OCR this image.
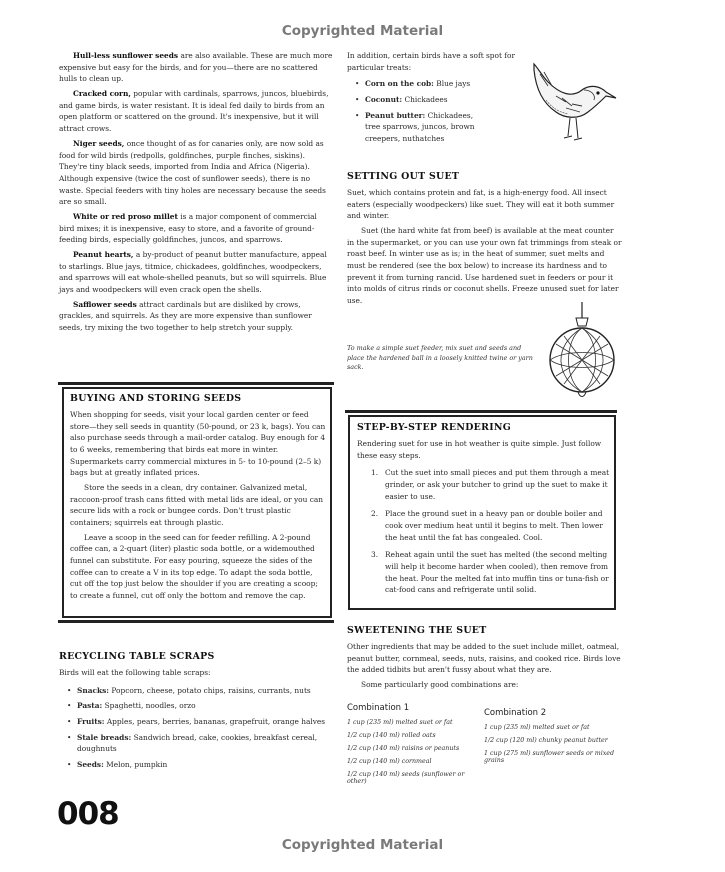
Copyrighted Material

Hull-less sunflower seeds are also available. These are much more expensive but easy for the birds, and for you—there are no scattered hulls to clean up.

Cracked corn, popular with cardinals, sparrows, juncos, bluebirds, and game birds, is water resistant. It is ideal fed daily to birds from an open platform or scattered on the ground. It's inexpensive, but it will attract crows.

Niger seeds, once thought of as for canaries only, are now sold as food for wild birds (redpolls, goldfinches, purple finches, siskins). They're tiny black seeds, imported from India and Africa (Nigeria). Although expensive (twice the cost of sunflower seeds), there is no waste. Special feeders with tiny holes are necessary because the seeds are so small.

White or red proso millet is a major component of commercial bird mixes; it is inexpensive, easy to store, and a favorite of ground-feeding birds, especially goldfinches, juncos, and sparrows.

Peanut hearts, a by-product of peanut butter manufacture, appeal to starlings. Blue jays, titmice, chickadees, goldfinches, woodpeckers, and sparrows will eat whole-shelled peanuts, but so will squirrels. Blue jays and woodpeckers will even crack open the shells.

Safflower seeds attract cardinals but are disliked by crows, grackles, and squirrels. As they are more expensive than sunflower seeds, try mixing the two together to help stretch your supply.

BUYING AND STORING SEEDS

When shopping for seeds, visit your local garden center or feed store—they sell seeds in quantity (50-pound, or 23 k, bags). You can also purchase seeds through a mail-order catalog. Buy enough for 4 to 6 weeks, remembering that birds eat more in winter. Supermarkets carry commercial mixtures in 5- to 10-pound (2–5 k) bags but at greatly inflated prices.

Store the seeds in a clean, dry container. Galvanized metal, raccoon-proof trash cans fitted with metal lids are ideal, or you can secure lids with a rock or bungee cords. Don't trust plastic containers; squirrels eat through plastic.

Leave a scoop in the seed can for feeder refilling. A 2-pound coffee can, a 2-quart (liter) plastic soda bottle, or a widemouthed funnel can substitute. For easy pouring, squeeze the sides of the coffee can to create a V in its top edge. To adapt the soda bottle, cut off the top just below the shoulder if you are creating a scoop; to create a funnel, cut off only the bottom and remove the cap.

RECYCLING TABLE SCRAPS
Birds will eat the following table scraps:
• Snacks: Popcorn, cheese, potato chips, raisins, currants, nuts
• Pasta: Spaghetti, noodles, orzo
• Fruits: Apples, pears, berries, bananas, grapefruit, orange halves
• Stale breads: Sandwich bread, cake, cookies, breakfast cereal, doughnuts
• Seeds: Melon, pumpkin
In addition, certain birds have a soft spot for particular treats:
• Corn on the cob: Blue jays
• Coconut: Chickadees
• Peanut butter: Chickadees, tree sparrows, juncos, brown creepers, nuthatches
SETTING OUT SUET

Suet, which contains protein and fat, is a high-energy food. All insect eaters (especially woodpeckers) like suet. They will eat it both summer and winter.

Suet (the hard white fat from beef) is available at the meat counter in the supermarket, or you can use your own fat trimmings from steak or roast beef. In winter use as is; in the heat of summer, suet melts and must be rendered (see the box below) to increase its hardness and to prevent it from turning rancid. Use hardened suet in feeders or pour it into molds of citrus rinds or coconut shells. Freeze unused suet for later use.

To make a simple suet feeder, mix suet and seeds and place the hardened ball in a loosely knitted twine or yarn sack.
STEP-BY-STEP RENDERING
Rendering suet for use in hot weather is quite simple. Just follow these easy steps.
1. Cut the suet into small pieces and put them through a meat grinder, or ask your butcher to grind up the suet to make it easier to use.
2. Place the ground suet in a heavy pan or double boiler and cook over medium heat until it begins to melt. Then lower the heat until the fat has congealed. Cool.
3. Reheat again until the suet has melted (the second melting will help it become harder when cooled), then remove from the heat. Pour the melted fat into muffin tins or tuna-fish or cat-food cans and refrigerate until solid.
SWEETENING THE SUET

Other ingredients that may be added to the suet include millet, oatmeal, peanut butter, cornmeal, seeds, nuts, raisins, and cooked rice. Birds love the added tidbits but aren't fussy about what they are.

Some particularly good combinations are:

Combination 1
1 cup (235 ml) melted suet or fat
1/2 cup (140 ml) rolled oats
1/2 cup (140 ml) raisins or peanuts
1/2 cup (140 ml) cornmeal
1/2 cup (140 ml) seeds (sunflower or other)
Combination 2
1 cup (235 ml) melted suet or fat
1/2 cup (120 ml) chunky peanut butter
1 cup (275 ml) sunflower seeds or mixed grains
008
Copyrighted Material
